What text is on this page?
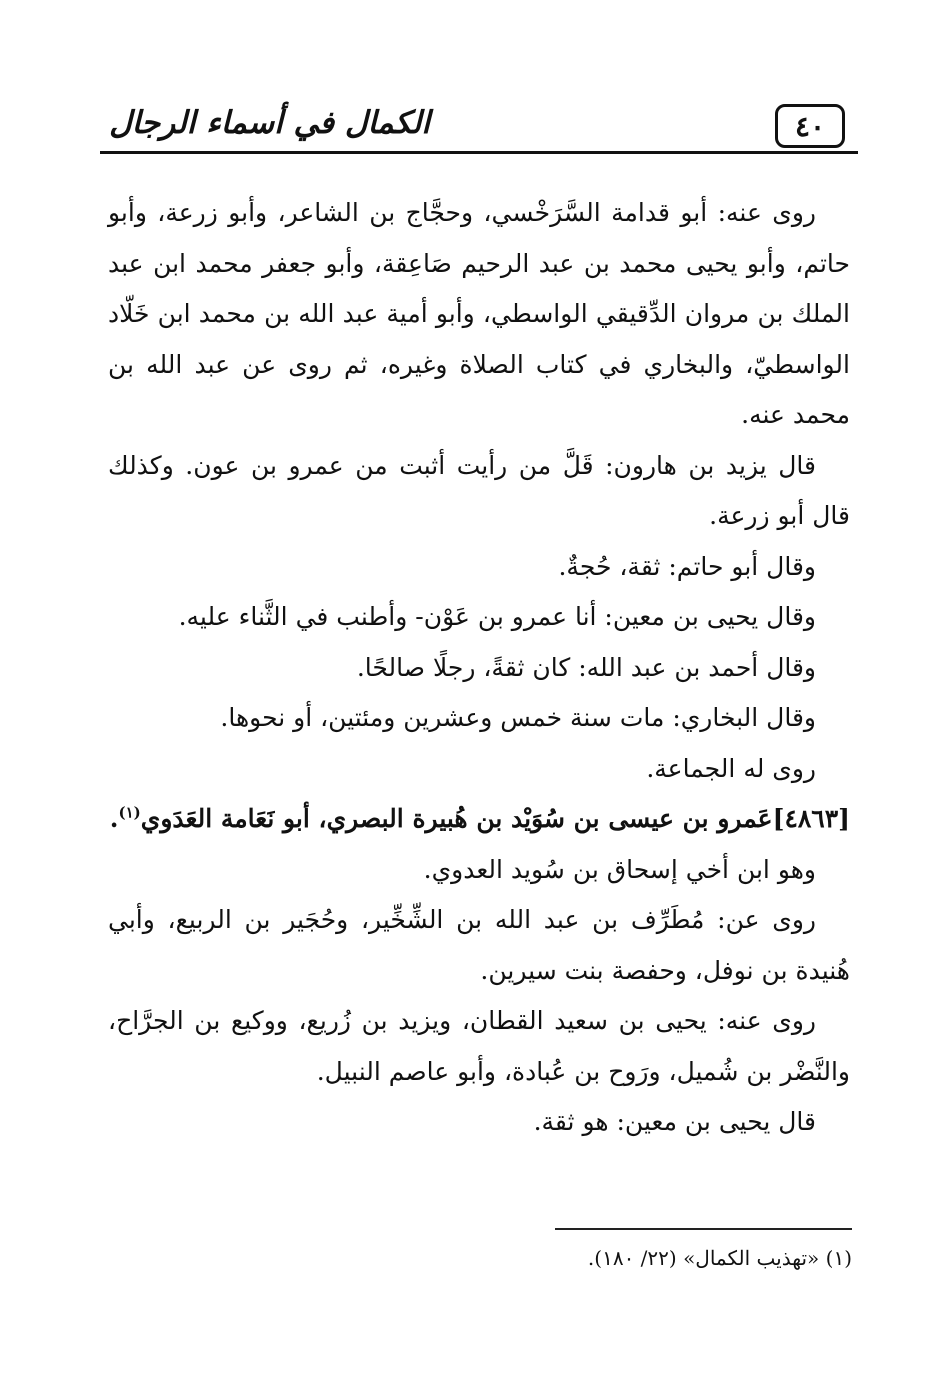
الكمال في أسماء الرجال	٤٠

روى عنه: أبو قدامة السَّرَخْسي، وحجَّاج بن الشاعر، وأبو زرعة، وأبو حاتم، وأبو يحيى محمد بن عبد الرحيم صَاعِقة، وأبو جعفر محمد ابن عبد الملك بن مروان الدِّقيقي الواسطي، وأبو أمية عبد الله بن محمد ابن خَلّاد الواسطيّ، والبخاري في كتاب الصلاة وغيره، ثم روى عن عبد الله بن محمد عنه.

قال يزيد بن هارون: قَلَّ من رأيت أثبت من عمرو بن عون. وكذلك قال أبو زرعة.

وقال أبو حاتم: ثقة، حُجةٌ.

وقال يحيى بن معين: أنا عمرو بن عَوْن- وأطنب في الثَّناء عليه.

وقال أحمد بن عبد الله: كان ثقةً، رجلًا صالحًا.

وقال البخاري: مات سنة خمس وعشرين ومئتين، أو نحوها.

روى له الجماعة.

[٤٨٦٣]عَمرو بن عيسى بن سُوَيْد بن هُبيرة البصري، أبو نَعَامة العَدَوي$^{(١)}$.

وهو ابن أخي إسحاق بن سُويد العدوي.

روى عن: مُطَرِّف بن عبد الله بن الشِّخِّير، وحُجَير بن الربيع، وأبي هُنيدة بن نوفل، وحفصة بنت سيرين.

روى عنه: يحيى بن سعيد القطان، ويزيد بن زُريع، ووكيع بن الجرَّاح، والنَّضْر بن شُميل، ورَوح بن عُبادة، وأبو عاصم النبيل.

قال يحيى بن معين: هو ثقة.

(١) «تهذيب الكمال» (٢٢/ ١٨٠).
